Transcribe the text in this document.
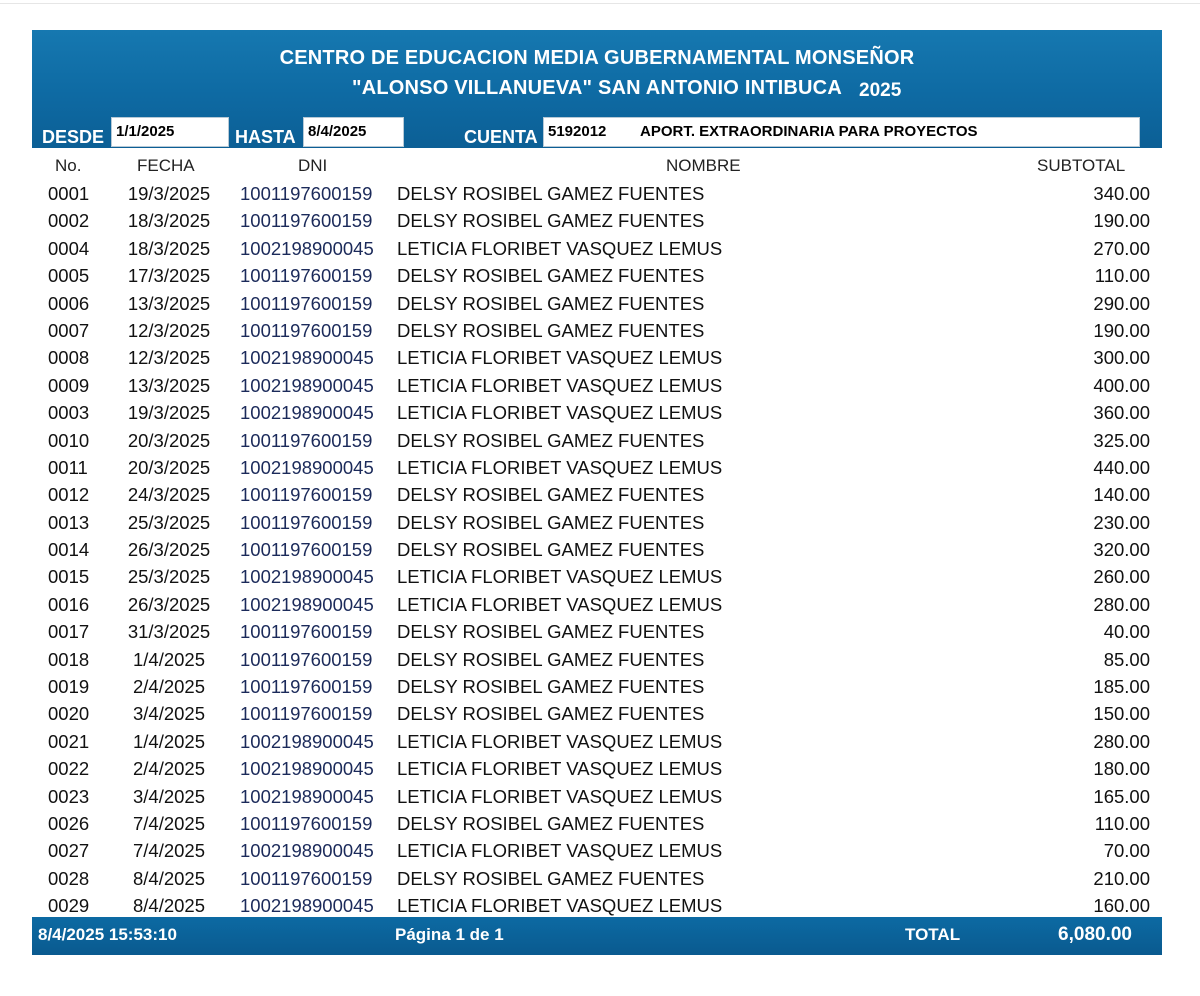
CENTRO DE EDUCACION MEDIA GUBERNAMENTAL MONSEÑOR
"ALONSO VILLANUEVA" SAN ANTONIO INTIBUCA 2025
DESDE 1/1/2025	HASTA 8/4/2025	CUENTA 5192012 APORT. EXTRAORDINARIA PARA PROYECTOS
No.	FECHA	DNI	NOMBRE	SUBTOTAL
0001	19/3/2025	1001197600159 DELSY ROSIBEL GAMEZ FUENTES	340.00
0002	18/3/2025	1001197600159 DELSY ROSIBEL GAMEZ FUENTES	190.00
0004	18/3/2025	1002198900045 LETICIA FLORIBET VASQUEZ LEMUS	270.00
0005	17/3/2025	1001197600159 DELSY ROSIBEL GAMEZ FUENTES	110.00
0006	13/3/2025	1001197600159 DELSY ROSIBEL GAMEZ FUENTES	290.00
0007	12/3/2025	1001197600159 DELSY ROSIBEL GAMEZ FUENTES	190.00
0008	12/3/2025	1002198900045 LETICIA FLORIBET VASQUEZ LEMUS	300.00
0009	13/3/2025	1002198900045 LETICIA FLORIBET VASQUEZ LEMUS	400.00
0003	19/3/2025	1002198900045 LETICIA FLORIBET VASQUEZ LEMUS	360.00
0010	20/3/2025	1001197600159 DELSY ROSIBEL GAMEZ FUENTES	325.00
0011	20/3/2025	1002198900045 LETICIA FLORIBET VASQUEZ LEMUS	440.00
0012	24/3/2025	1001197600159 DELSY ROSIBEL GAMEZ FUENTES	140.00
0013	25/3/2025	1001197600159 DELSY ROSIBEL GAMEZ FUENTES	230.00
0014	26/3/2025	1001197600159 DELSY ROSIBEL GAMEZ FUENTES	320.00
0015	25/3/2025	1002198900045 LETICIA FLORIBET VASQUEZ LEMUS	260.00
0016	26/3/2025	1002198900045 LETICIA FLORIBET VASQUEZ LEMUS	280.00
0017	31/3/2025	1001197600159 DELSY ROSIBEL GAMEZ FUENTES	40.00
0018	1/4/2025	1001197600159 DELSY ROSIBEL GAMEZ FUENTES	85.00
0019	2/4/2025	1001197600159 DELSY ROSIBEL GAMEZ FUENTES	185.00
0020	3/4/2025	1001197600159 DELSY ROSIBEL GAMEZ FUENTES	150.00
0021	1/4/2025	1002198900045 LETICIA FLORIBET VASQUEZ LEMUS	280.00
0022	2/4/2025	1002198900045 LETICIA FLORIBET VASQUEZ LEMUS	180.00
0023	3/4/2025	1002198900045 LETICIA FLORIBET VASQUEZ LEMUS	165.00
0026	7/4/2025	1001197600159 DELSY ROSIBEL GAMEZ FUENTES	110.00
0027	7/4/2025	1002198900045 LETICIA FLORIBET VASQUEZ LEMUS	70.00
0028	8/4/2025	1001197600159 DELSY ROSIBEL GAMEZ FUENTES	210.00
0029	8/4/2025	1002198900045 LETICIA FLORIBET VASQUEZ LEMUS	160.00
8/4/2025 15:53:10	Página 1 de 1	TOTAL	6,080.00
